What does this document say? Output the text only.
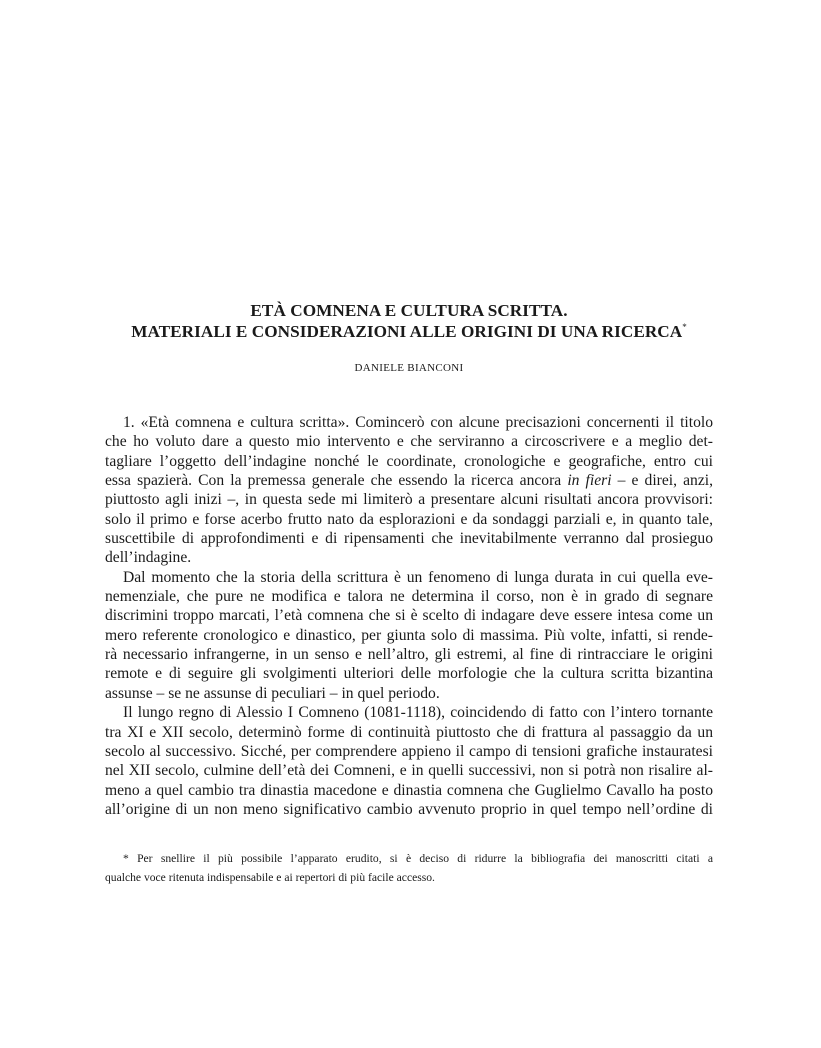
ETÀ COMNENA E CULTURA SCRITTA.
MATERIALI E CONSIDERAZIONI ALLE ORIGINI DI UNA RICERCA*
DANIELE BIANCONI
1. «Età comnena e cultura scritta». Comincerò con alcune precisazioni concernenti il titolo
che ho voluto dare a questo mio intervento e che serviranno a circoscrivere e a meglio det-
tagliare l’oggetto dell’indagine nonché le coordinate, cronologiche e geografiche, entro cui
essa spazierà. Con la premessa generale che essendo la ricerca ancora in fieri – e direi, anzi,
piuttosto agli inizi –, in questa sede mi limiterò a presentare alcuni risultati ancora provvisori:
solo il primo e forse acerbo frutto nato da esplorazioni e da sondaggi parziali e, in quanto tale,
suscettibile di approfondimenti e di ripensamenti che inevitabilmente verranno dal prosieguo
dell’indagine.
Dal momento che la storia della scrittura è un fenomeno di lunga durata in cui quella eve-
nemenziale, che pure ne modifica e talora ne determina il corso, non è in grado di segnare
discrimini troppo marcati, l’età comnena che si è scelto di indagare deve essere intesa come un
mero referente cronologico e dinastico, per giunta solo di massima. Più volte, infatti, si rende-
rà necessario infrangerne, in un senso e nell’altro, gli estremi, al fine di rintracciare le origini
remote e di seguire gli svolgimenti ulteriori delle morfologie che la cultura scritta bizantina
assunse – se ne assunse di peculiari – in quel periodo.
Il lungo regno di Alessio I Comneno (1081-1118), coincidendo di fatto con l’intero tornante
tra XI e XII secolo, determinò forme di continuità piuttosto che di frattura al passaggio da un
secolo al successivo. Sicché, per comprendere appieno il campo di tensioni grafiche instauratesi
nel XII secolo, culmine dell’età dei Comneni, e in quelli successivi, non si potrà non risalire al-
meno a quel cambio tra dinastia macedone e dinastia comnena che Guglielmo Cavallo ha posto
all’origine di un non meno significativo cambio avvenuto proprio in quel tempo nell’ordine di
* Per snellire il più possibile l’apparato erudito, si è deciso di ridurre la bibliografia dei manoscritti citati a
qualche voce ritenuta indispensabile e ai repertori di più facile accesso.
